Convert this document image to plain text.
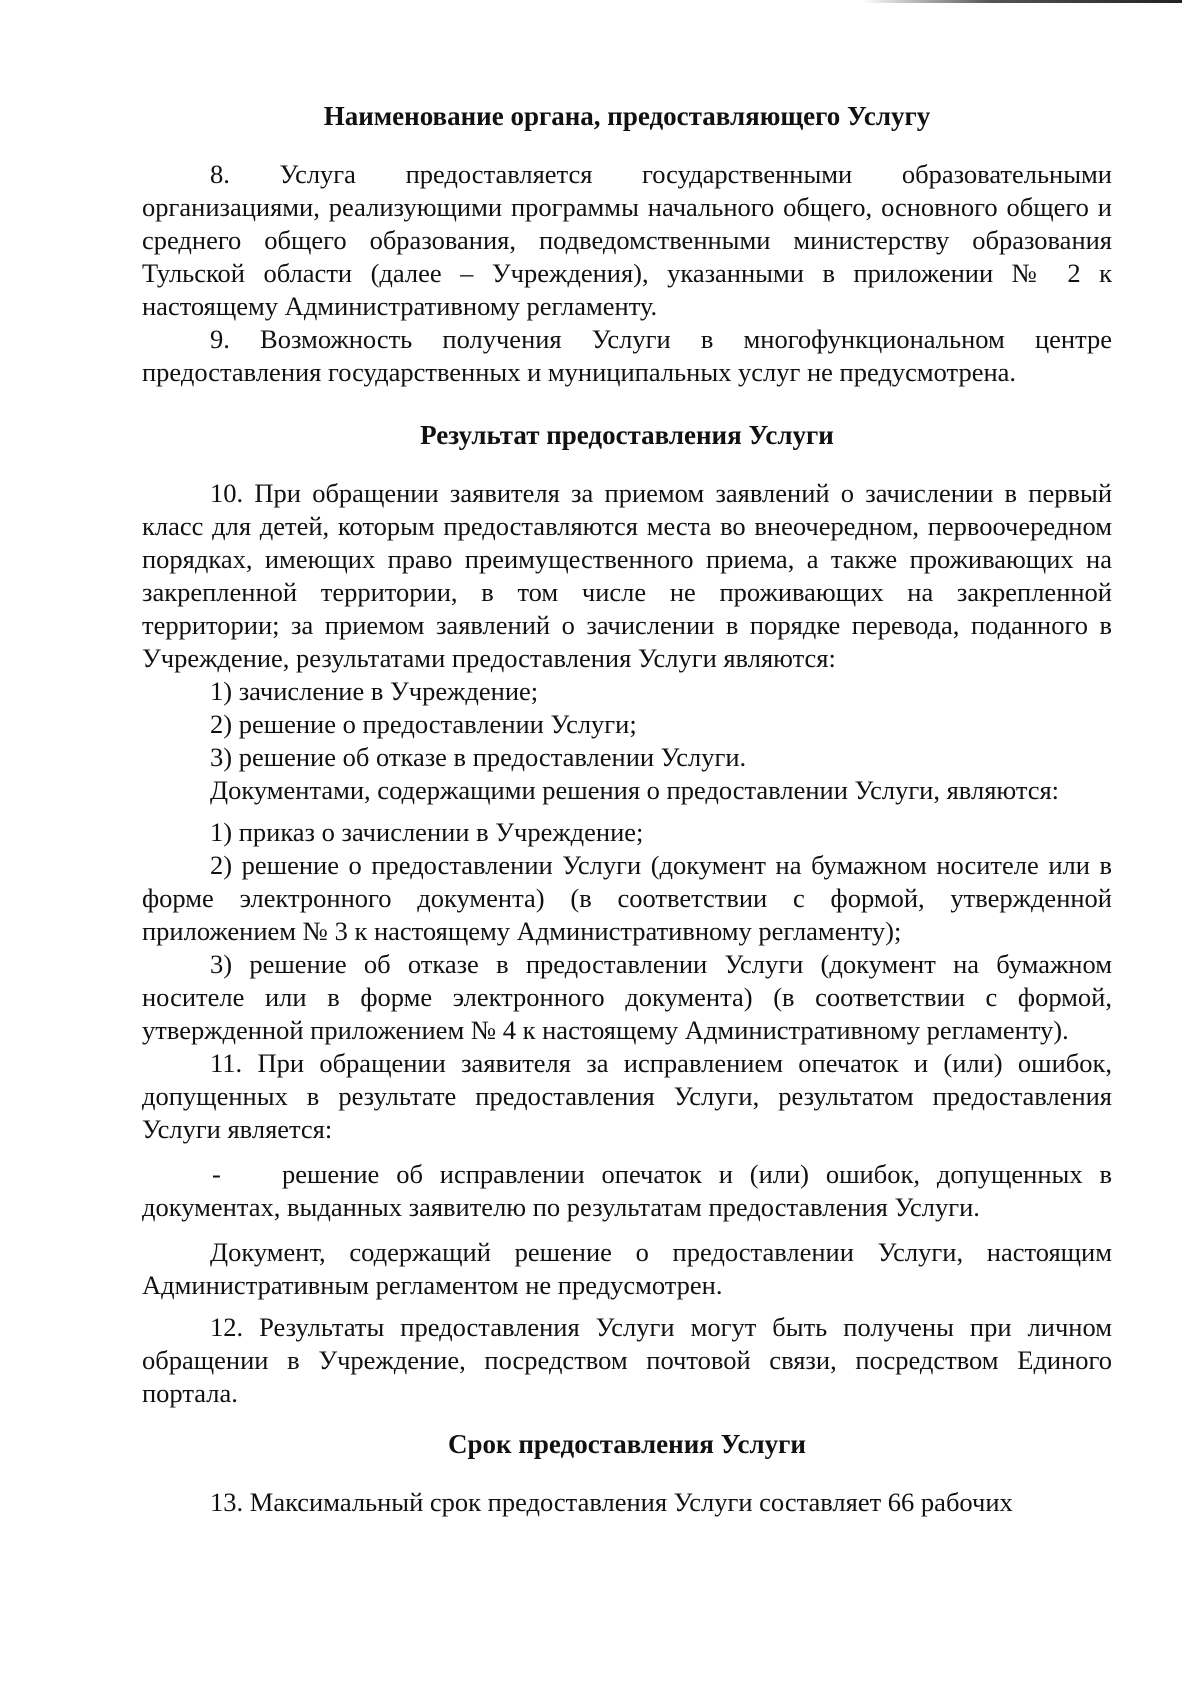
Наименование органа, предоставляющего Услугу

8. Услуга предоставляется государственными образовательными организациями, реализующими программы начального общего, основного общего и среднего общего образования, подведомственными министерству образования Тульской области (далее – Учреждения), указанными в приложении № 2 к настоящему Административному регламенту.

9. Возможность получения Услуги в многофункциональном центре предоставления государственных и муниципальных услуг не предусмотрена.

Результат предоставления Услуги

10. При обращении заявителя за приемом заявлений о зачислении в первый класс для детей, которым предоставляются места во внеочередном, первоочередном порядках, имеющих право преимущественного приема, а также проживающих на закрепленной территории, в том числе не проживающих на закрепленной территории; за приемом заявлений о зачислении в порядке перевода, поданного в Учреждение, результатами предоставления Услуги являются:

1) зачисление в Учреждение;

2) решение о предоставлении Услуги;

3) решение об отказе в предоставлении Услуги.

Документами, содержащими решения о предоставлении Услуги, являются:

1) приказ о зачислении в Учреждение;

2) решение о предоставлении Услуги (документ на бумажном носителе или в форме электронного документа) (в соответствии с формой, утвержденной приложением № 3 к настоящему Административному регламенту);

3) решение об отказе в предоставлении Услуги (документ на бумажном носителе или в форме электронного документа) (в соответствии с формой, утвержденной приложением № 4 к настоящему Административному регламенту).

11. При обращении заявителя за исправлением опечаток и (или) ошибок, допущенных в результате предоставления Услуги, результатом предоставления Услуги является:

- решение об исправлении опечаток и (или) ошибок, допущенных в документах, выданных заявителю по результатам предоставления Услуги.

Документ, содержащий решение о предоставлении Услуги, настоящим Административным регламентом не предусмотрен.

12. Результаты предоставления Услуги могут быть получены при личном обращении в Учреждение, посредством почтовой связи, посредством Единого портала.

Срок предоставления Услуги

13. Максимальный срок предоставления Услуги составляет 66 рабочих
